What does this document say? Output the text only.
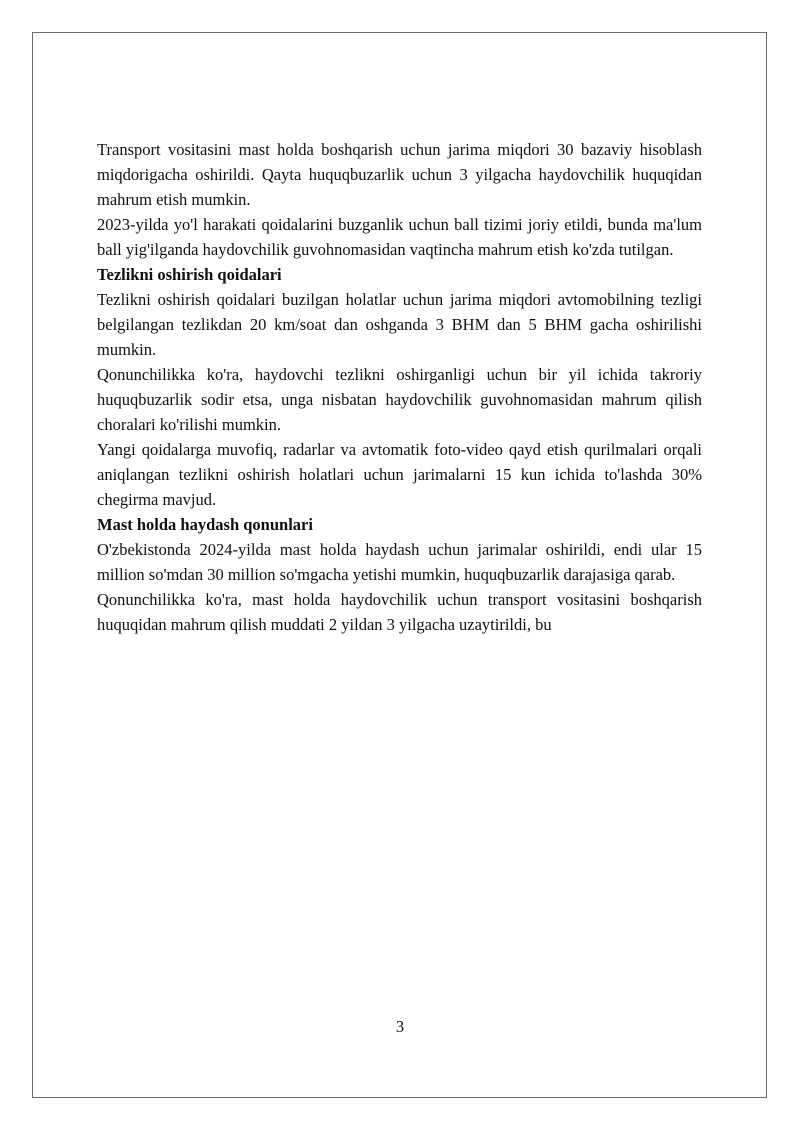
Transport vositasini mast holda boshqarish uchun jarima miqdori 30 bazaviy hisoblash miqdorigacha oshirildi. Qayta huquqbuzarlik uchun 3 yilgacha haydovchilik huquqidan mahrum etish mumkin.

2023-yilda yo'l harakati qoidalarini buzganlik uchun ball tizimi joriy etildi, bunda ma'lum ball yig'ilganda haydovchilik guvohnomasidan vaqtincha mahrum etish ko'zda tutilgan.

Tezlikni oshirish qoidalari

Tezlikni oshirish qoidalari buzilgan holatlar uchun jarima miqdori avtomobilning tezligi belgilangan tezlikdan 20 km/soat dan oshganda 3 BHM dan 5 BHM gacha oshirilishi mumkin.

Qonunchilikka ko'ra, haydovchi tezlikni oshirganligi uchun bir yil ichida takroriy huquqbuzarlik sodir etsa, unga nisbatan haydovchilik guvohnomasidan mahrum qilish choralari ko'rilishi mumkin.

Yangi qoidalarga muvofiq, radarlar va avtomatik foto-video qayd etish qurilmalari orqali aniqlangan tezlikni oshirish holatlari uchun jarimalarni 15 kun ichida to'lashda 30% chegirma mavjud.

Mast holda haydash qonunlari

O'zbekistonda 2024-yilda mast holda haydash uchun jarimalar oshirildi, endi ular 15 million so'mdan 30 million so'mgacha yetishi mumkin, huquqbuzarlik darajasiga qarab.

Qonunchilikka ko'ra, mast holda haydovchilik uchun transport vositasini boshqarish huquqidan mahrum qilish muddati 2 yildan 3 yilgacha uzaytirildi, bu

3
